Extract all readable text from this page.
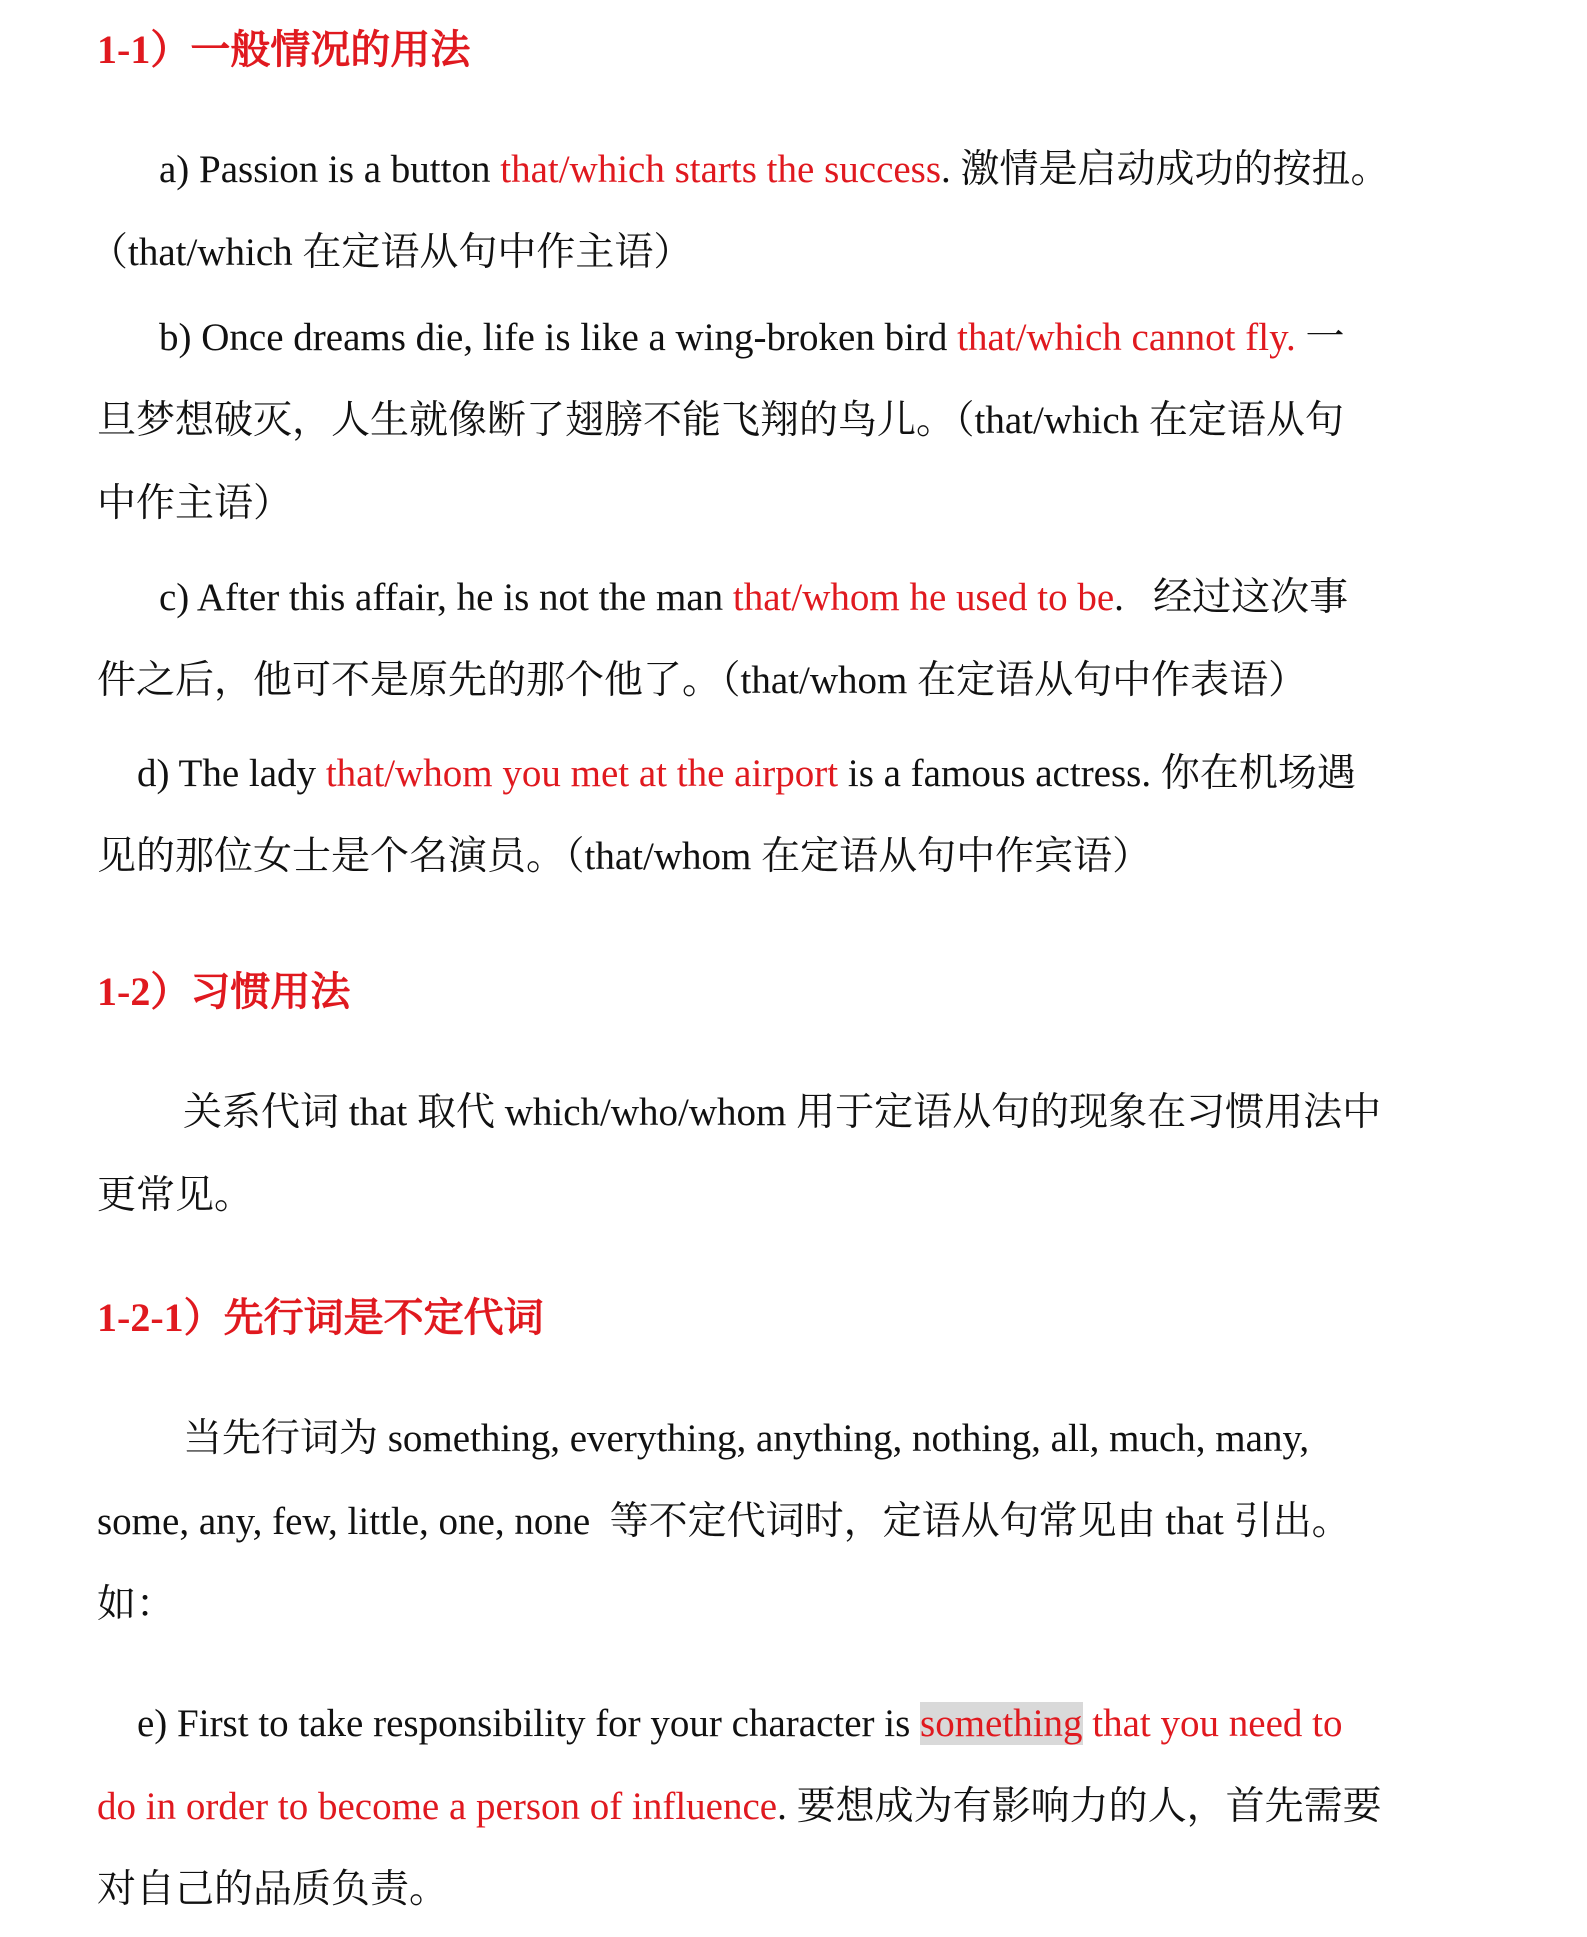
1-1）一般情况的用法

a) Passion is a button that/which starts the success. 激情是启动成功的按扭。
（that/which 在定语从句中作主语）

b) Once dreams die, life is like a wing-broken bird that/which cannot fly. 一
旦梦想破灭，人生就像断了翅膀不能飞翔的鸟儿。（that/which 在定语从句
中作主语）

c) After this affair, he is not the man that/whom he used to be.   经过这次事
件之后，他可不是原先的那个他了。（that/whom 在定语从句中作表语）

d) The lady that/whom you met at the airport is a famous actress. 你在机场遇
见的那位女士是个名演员。（that/whom 在定语从句中作宾语）

1-2）习惯用法

关系代词 that 取代 which/who/whom 用于定语从句的现象在习惯用法中
更常见。

1-2-1）先行词是不定代词

当先行词为 something, everything, anything, nothing, all, much, many,
some, any, few, little, one, none  等不定代词时，定语从句常见由 that 引出。
如：

e) First to take responsibility for your character is something that you need to
do in order to become a person of influence. 要想成为有影响力的人，首先需要
对自己的品质负责。
